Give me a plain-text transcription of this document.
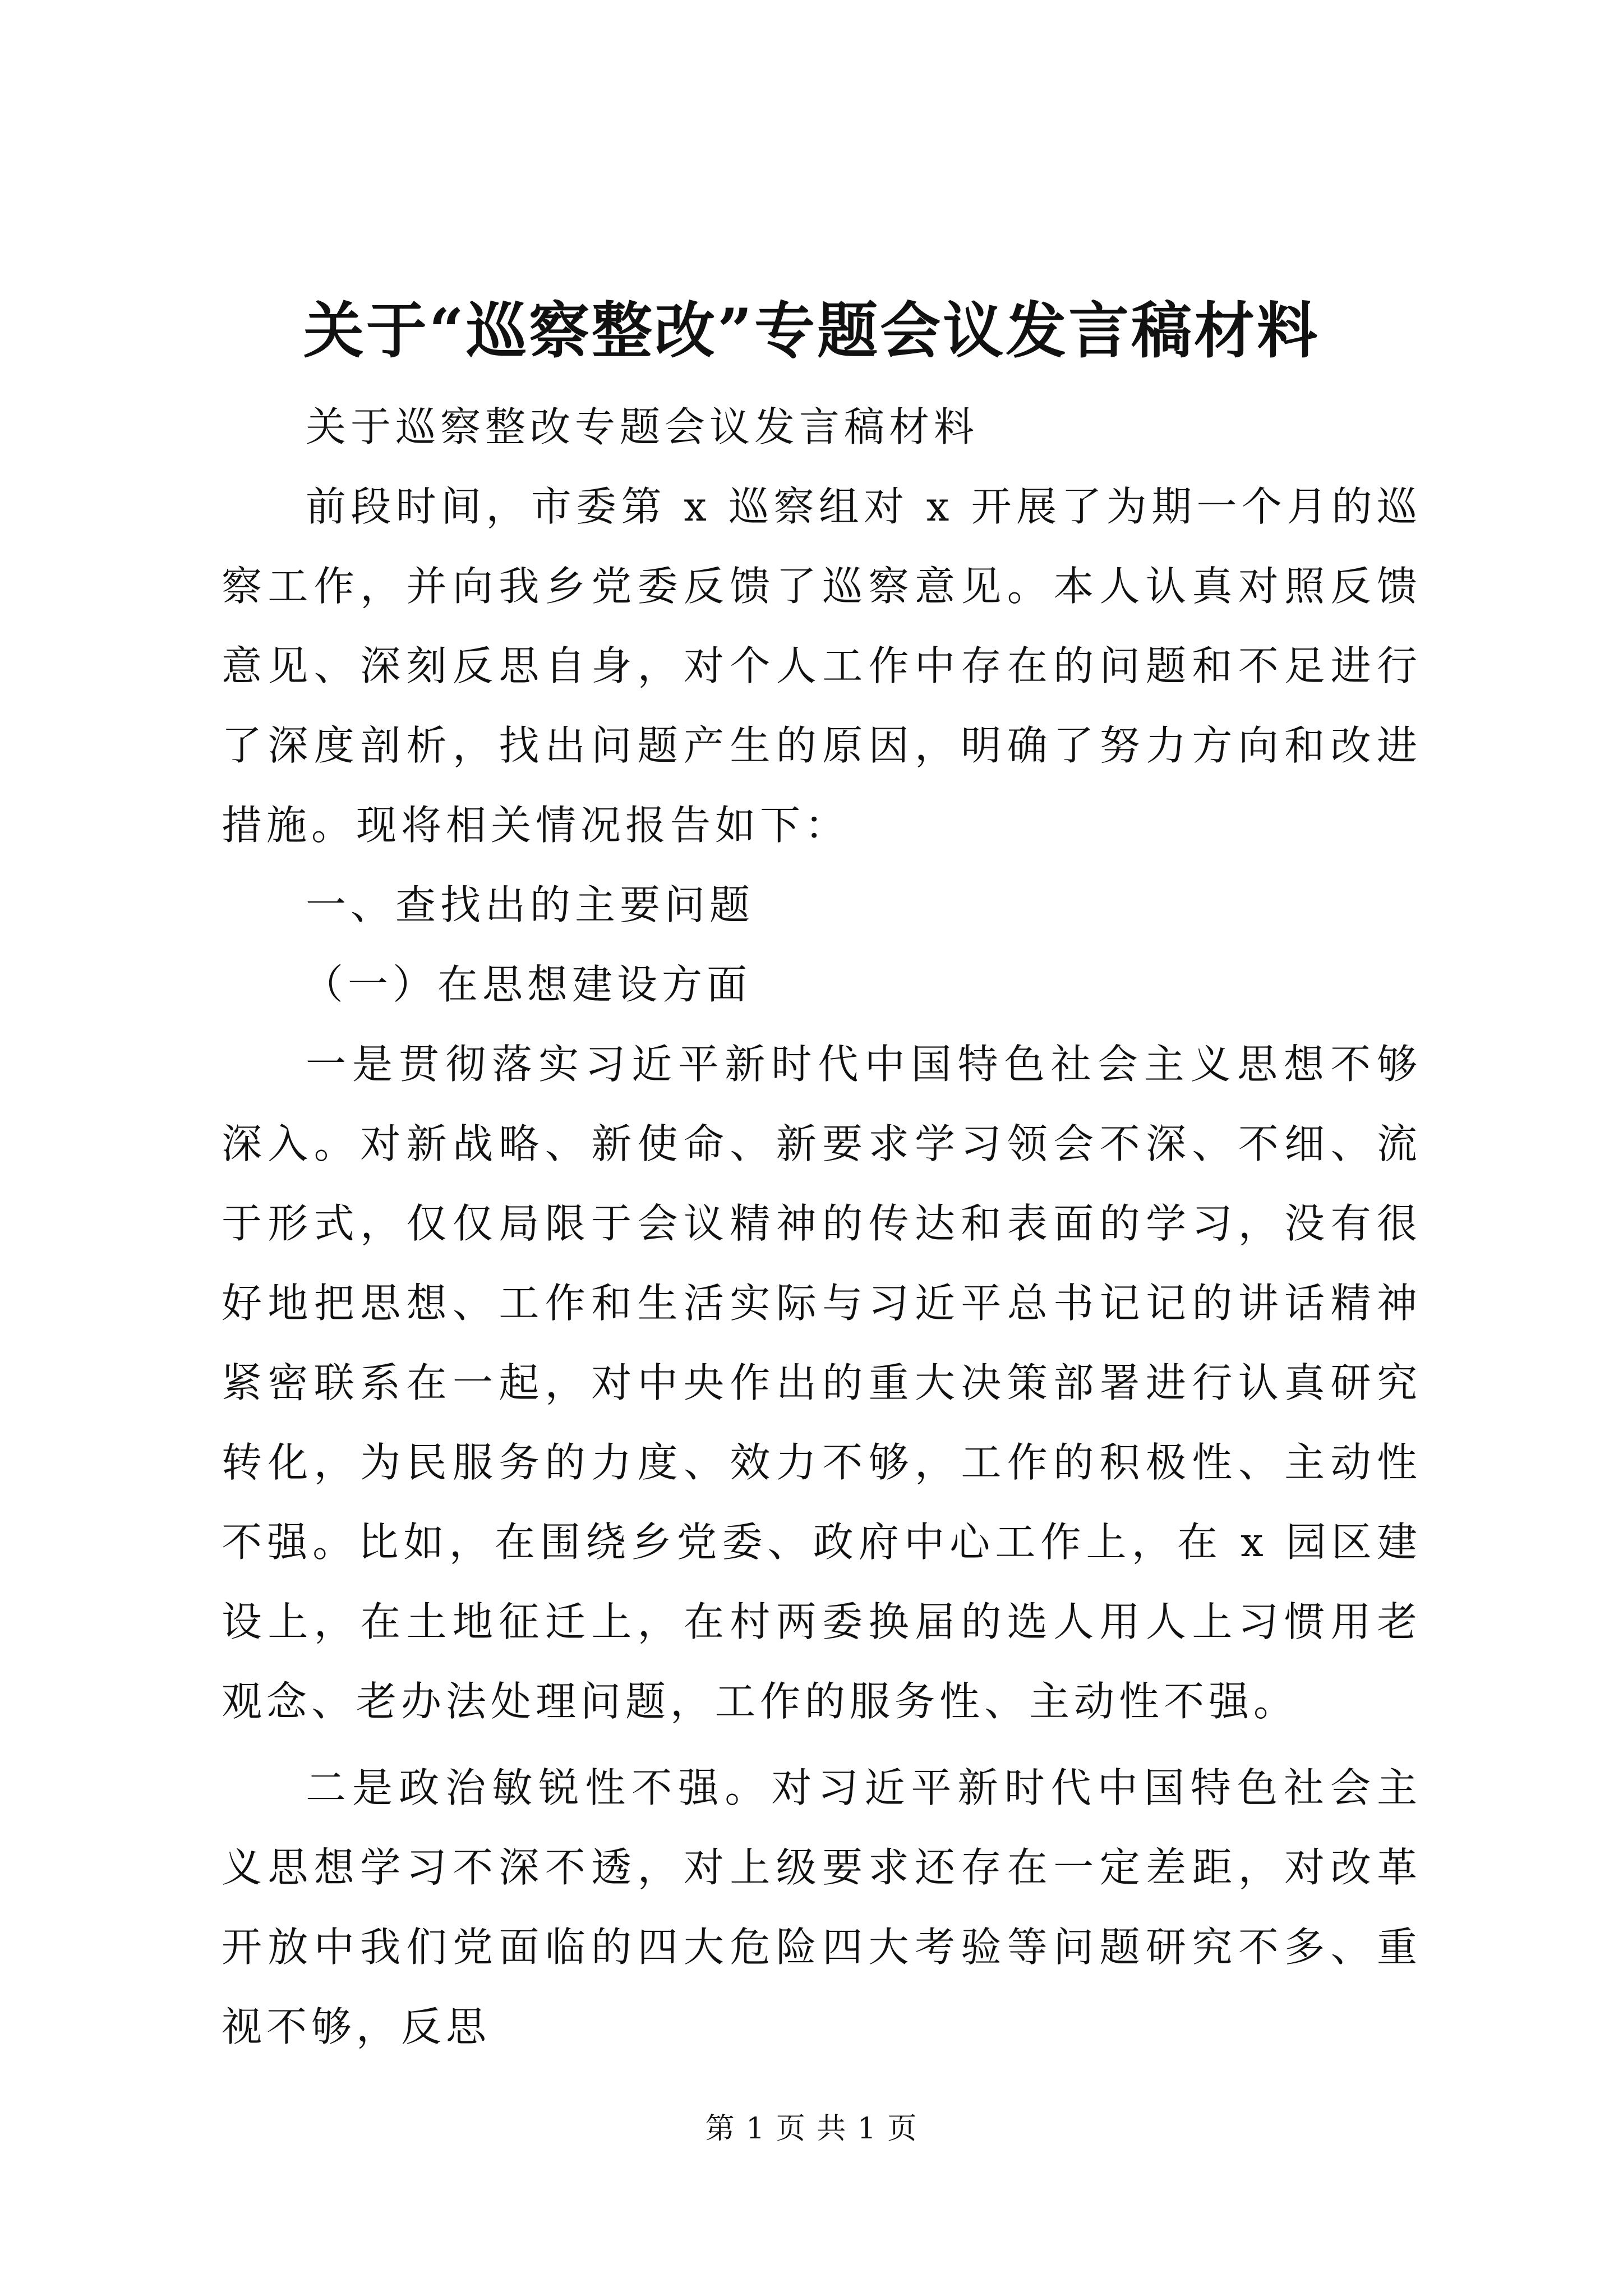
关于“巡察整改”专题会议发言稿材料

关于巡察整改专题会议发言稿材料

前段时间，市委第 x 巡察组对 x 开展了为期一个月的巡察工作，并向我乡党委反馈了巡察意见。本人认真对照反馈意见、深刻反思自身，对个人工作中存在的问题和不足进行了深度剖析，找出问题产生的原因，明确了努力方向和改进措施。现将相关情况报告如下：

一、查找出的主要问题

（一）在思想建设方面

一是贯彻落实习近平新时代中国特色社会主义思想不够深入。对新战略、新使命、新要求学习领会不深、不细、流于形式，仅仅局限于会议精神的传达和表面的学习，没有很好地把思想、工作和生活实际与习近平总书记记的讲话精神紧密联系在一起，对中央作出的重大决策部署进行认真研究转化，为民服务的力度、效力不够，工作的积极性、主动性不强。比如，在围绕乡党委、政府中心工作上，在 x 园区建设上，在土地征迁上，在村两委换届的选人用人上习惯用老观念、老办法处理问题，工作的服务性、主动性不强。

二是政治敏锐性不强。对习近平新时代中国特色社会主义思想学习不深不透，对上级要求还存在一定差距，对改革开放中我们党面临的四大危险四大考验等问题研究不多、重视不够，反思

第 1 页 共 1 页
